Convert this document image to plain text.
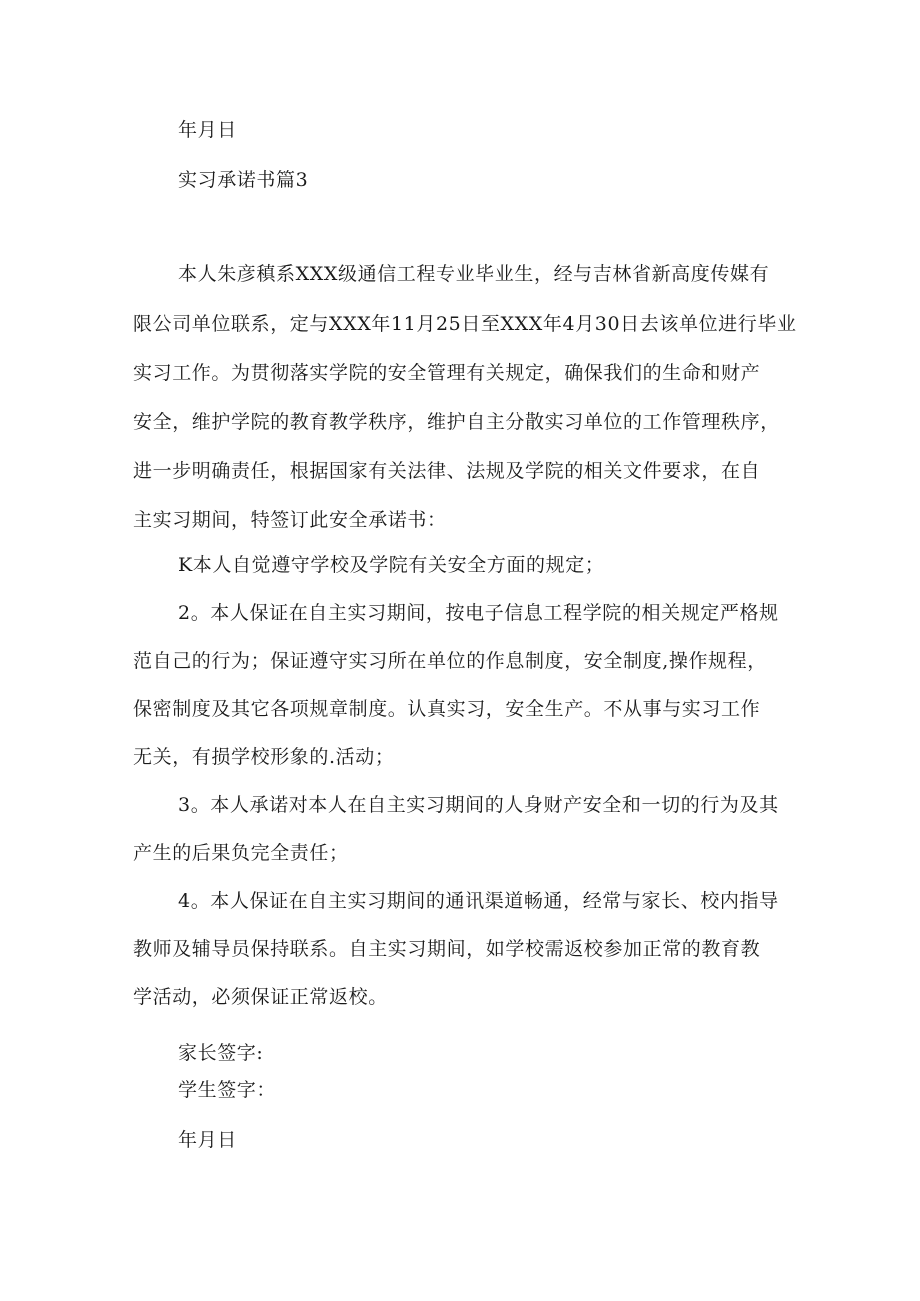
年月日
实习承诺书篇3
本人朱彦稹系XXX级通信工程专业毕业生，经与吉林省新高度传媒有
限公司单位联系，定与XXX年11月25日至XXX年4月30日去该单位进行毕业
实习工作。为贯彻落实学院的安全管理有关规定，确保我们的生命和财产
安全，维护学院的教育教学秩序，维护自主分散实习单位的工作管理秩序，
进一步明确责任，根据国家有关法律、法规及学院的相关文件要求，在自
主实习期间，特签订此安全承诺书：
K本人自觉遵守学校及学院有关安全方面的规定；
2。本人保证在自主实习期间，按电子信息工程学院的相关规定严格规
范自己的行为；保证遵守实习所在单位的作息制度，安全制度,操作规程，
保密制度及其它各项规章制度。认真实习，安全生产。不从事与实习工作
无关，有损学校形象的.活动；
3。本人承诺对本人在自主实习期间的人身财产安全和一切的行为及其
产生的后果负完全责任；
4。本人保证在自主实习期间的通讯渠道畅通，经常与家长、校内指导
教师及辅导员保持联系。自主实习期间，如学校需返校参加正常的教育教
学活动，必须保证正常返校。
家长签字:
学生签字：
年月日
